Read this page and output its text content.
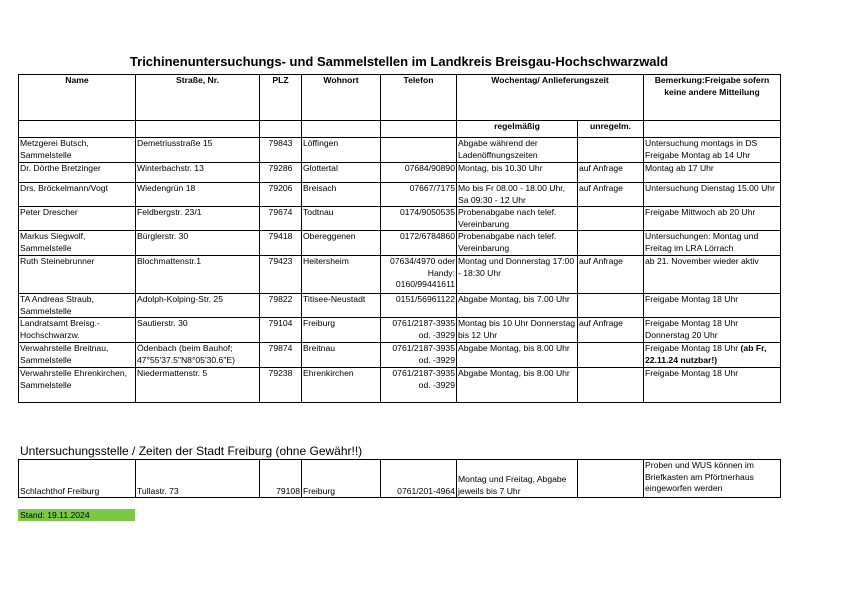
Trichinenuntersuchungs- und Sammelstellen im Landkreis Breisgau-Hochschwarzwald
Name	Straße, Nr.	PLZ	Wohnort	Telefon	Wochentag/ Anlieferungszeit		Bemerkung:Freigabe sofern keine andere Mitteilung
					regelmäßig	unregelm.	
Metzgerei Butsch, Sammelstelle	Demetriusstraße 15	79843	Löffingen		Abgabe während der Ladenöffnungszeiten		Untersuchung montags in DS Freigabe Montag ab 14 Uhr
Dr. Dörthe Bretzinger	Winterbachstr. 13	79286	Glottertal	07684/90890	Montag, bis 10.30 Uhr	auf Anfrage	Montag ab 17 Uhr
Drs. Bröckelmann/Vogt	Wiedengrün 18	79206	Breisach	07667/7175	Mo bis Fr 08.00 - 18.00 Uhr, Sa 09:30 - 12 Uhr	auf Anfrage	Untersuchung Dienstag 15.00 Uhr
Peter Drescher	Feldbergstr. 23/1	79674	Todtnau	0174/9050535	Probenabgabe nach telef. Vereinbarung		Freigabe Mittwoch ab 20 Uhr
Markus Siegwolf, Sammelstelle	Bürglerstr. 30	79418	Obereggenen	0172/6784860	Probenabgabe nach telef. Vereinbarung		Untersuchungen: Montag und Freitag im LRA Lörrach
Ruth Steinebrunner	Blochmattenstr.1	79423	Heitersheim	07634/4970 oder Handy: 0160/99441611	Montag und Donnerstag 17:00 - 18:30 Uhr	auf Anfrage	ab 21. November wieder aktiv
TA Andreas Straub, Sammelstelle	Adolph-Kolping-Str. 25	79822	Titisee-Neustadt	0151/56961122	Abgabe Montag, bis 7.00 Uhr		Freigabe Montag 18 Uhr
Landratsamt Breisg.- Hochschwarzw.	Sautierstr. 30	79104	Freiburg	0761/2187-3935 od. -3929	Montag bis 10 Uhr Donnerstag bis 12 Uhr	auf Anfrage	Freigabe Montag 18 Uhr Donnerstag 20 Uhr
Verwahrstelle Breitnau, Sammelstelle	Ödenbach (beim Bauhof; 47°55'37.5"N8°05'30.6"E)	79874	Breitnau	0761/2187-3935 od. -3929	Abgabe Montag, bis 8.00 Uhr		Freigabe Montag 18 Uhr (ab Fr, 22.11.24 nutzbar!)
Verwahrstelle Ehrenkirchen, Sammelstelle	Niedermattenstr. 5	79238	Ehrenkirchen	0761/2187-3935 od. -3929	Abgabe Montag, bis 8.00 Uhr		Freigabe Montag 18 Uhr
Untersuchungsstelle / Zeiten der Stadt Freiburg (ohne Gewähr!!)
Schlachthof Freiburg	Tullastr. 73	79108	Freiburg	0761/201-4964	Montag und Freitag, Abgabe jeweils bis 7 Uhr		Proben und WUS können im Briefkasten am Pförtnerhaus eingeworfen werden
Stand: 19.11.2024
